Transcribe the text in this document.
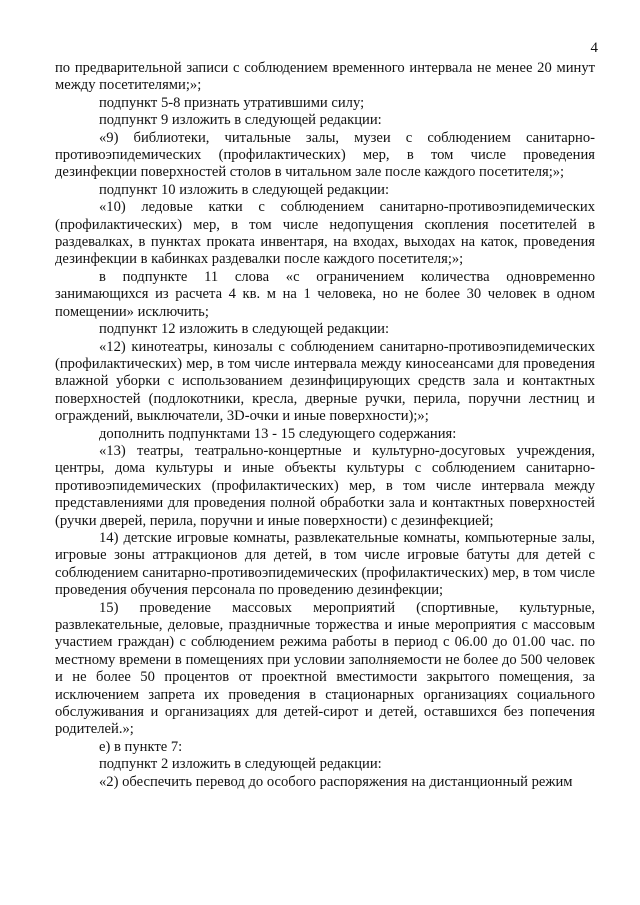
4

по предварительной записи с соблюдением временного интервала не менее 20 минут между посетителями;»;

подпункт 5-8 признать утратившими силу;

подпункт 9 изложить в следующей редакции:

«9) библиотеки, читальные залы, музеи с соблюдением санитарно-противоэпидемических (профилактических) мер, в том числе проведения дезинфекции поверхностей столов в читальном зале после каждого посетителя;»;

подпункт 10 изложить в следующей редакции:

«10) ледовые катки с соблюдением санитарно-противоэпидемических (профилактических) мер, в том числе недопущения скопления посетителей в раздевалках, в пунктах проката инвентаря, на входах, выходах на каток, проведения дезинфекции в кабинках раздевалки после каждого посетителя;»;

в подпункте 11 слова «с ограничением количества одновременно занимающихся из расчета 4 кв. м на 1 человека, но не более 30 человек в одном помещении» исключить;

подпункт 12 изложить в следующей редакции:

«12) кинотеатры, кинозалы с соблюдением санитарно-противоэпидемических (профилактических) мер, в том числе интервала между киносеансами для проведения влажной уборки с использованием дезинфицирующих средств зала и контактных поверхностей (подлокотники, кресла, дверные ручки, перила, поручни лестниц и ограждений, выключатели, 3D-очки и иные поверхности);»;

дополнить подпунктами 13 - 15 следующего содержания:

«13) театры, театрально-концертные и культурно-досуговых учреждения, центры, дома культуры и иные объекты культуры с соблюдением санитарно-противоэпидемических (профилактических) мер, в том числе интервала между представлениями для проведения полной обработки зала и контактных поверхностей (ручки дверей, перила, поручни и иные поверхности) с дезинфекцией;

14) детские игровые комнаты, развлекательные комнаты, компьютерные залы, игровые зоны аттракционов для детей, в том числе игровые батуты для детей с соблюдением санитарно-противоэпидемических (профилактических) мер, в том числе проведения обучения персонала по проведению дезинфекции;

15) проведение массовых мероприятий (спортивные, культурные, развлекательные, деловые, праздничные торжества и иные мероприятия с массовым участием граждан) с соблюдением режима работы в период с 06.00 до 01.00 час. по местному времени в помещениях при условии заполняемости не более до 500 человек и не более 50 процентов от проектной вместимости закрытого помещения, за исключением запрета их проведения в стационарных организациях социального обслуживания и организациях для детей-сирот и детей, оставшихся без попечения родителей.»;

е) в пункте 7:

подпункт 2 изложить в следующей редакции:

«2) обеспечить перевод до особого распоряжения на дистанционный режим
